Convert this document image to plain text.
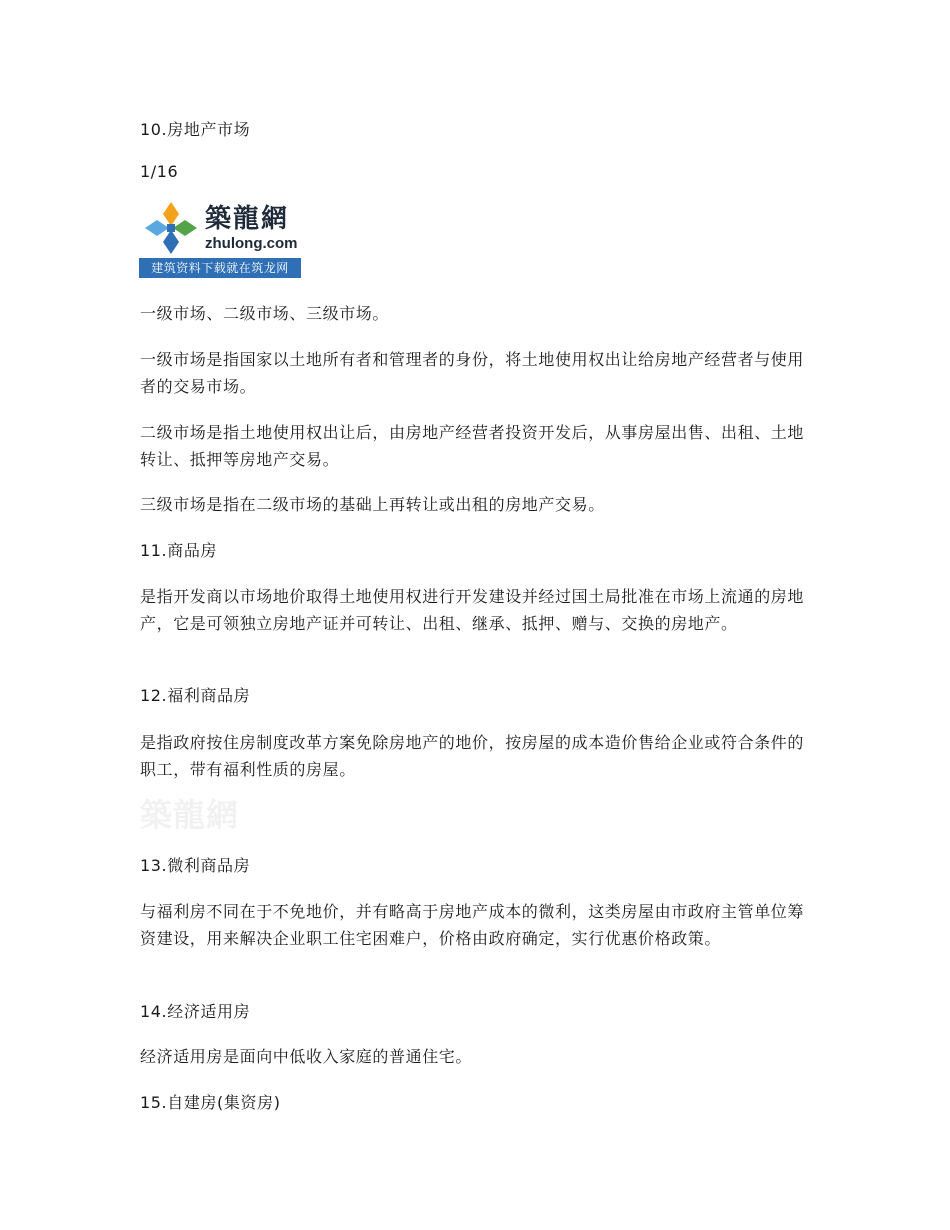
10.房地产市场

1/16

築龍網
zhulong.com
建筑资料下载就在筑龙网

一级市场、二级市场、三级市场。

一级市场是指国家以土地所有者和管理者的身份，将土地使用权出让给房地产经营者与使用者的交易市场。

二级市场是指土地使用权出让后，由房地产经营者投资开发后，从事房屋出售、出租、土地转让、抵押等房地产交易。

三级市场是指在二级市场的基础上再转让或出租的房地产交易。

11.商品房

是指开发商以市场地价取得土地使用权进行开发建设并经过国土局批准在市场上流通的房地产，它是可领独立房地产证并可转让、出租、继承、抵押、赠与、交换的房地产。

12.福利商品房

是指政府按住房制度改革方案免除房地产的地价，按房屋的成本造价售给企业或符合条件的职工，带有福利性质的房屋。

築龍網

13.微利商品房

与福利房不同在于不免地价，并有略高于房地产成本的微利，这类房屋由市政府主管单位筹资建设，用来解决企业职工住宅困难户，价格由政府确定，实行优惠价格政策。

14.经济适用房

经济适用房是面向中低收入家庭的普通住宅。

15.自建房(集资房)
